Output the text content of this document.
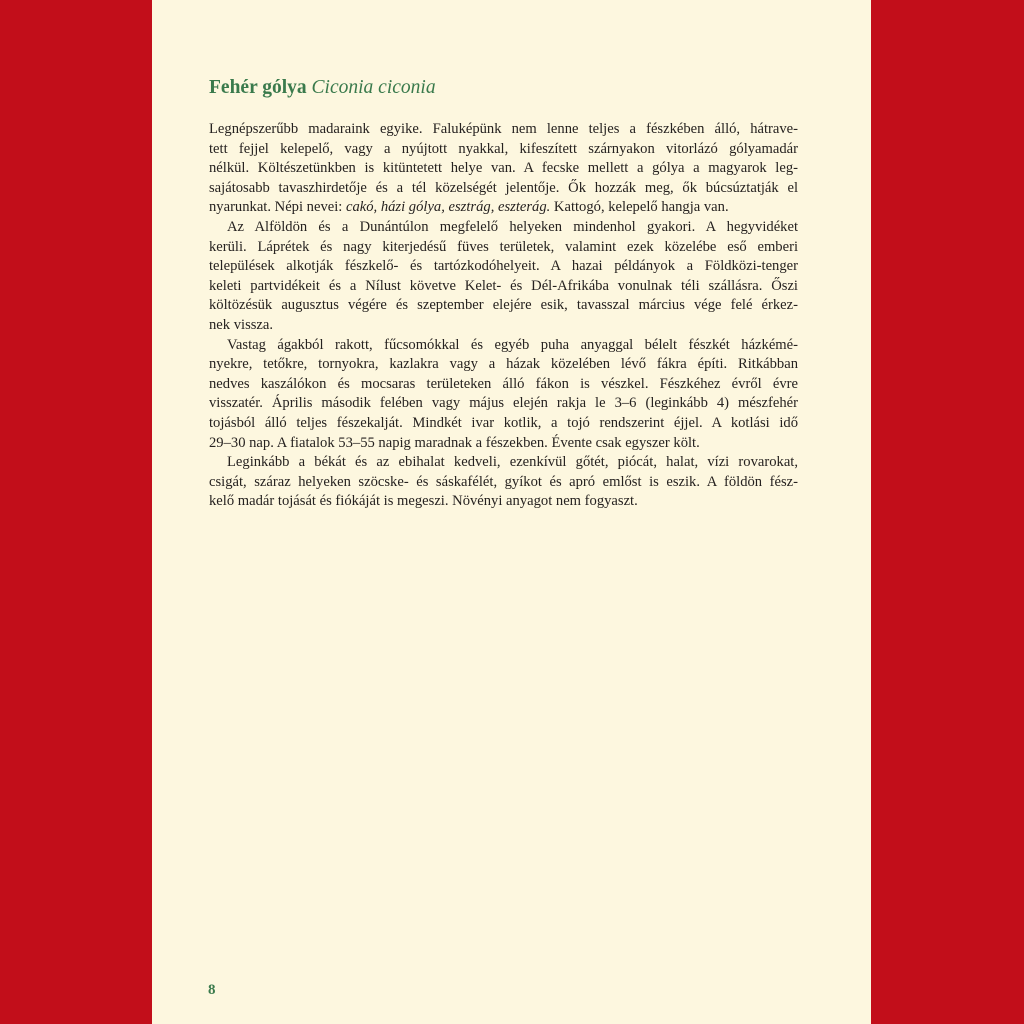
Fehér gólya Ciconia ciconia
Legnépszerűbb madaraink egyike. Faluképünk nem lenne teljes a fészkében álló, hátrave-
tett fejjel kelepelő, vagy a nyújtott nyakkal, kifeszített szárnyakon vitorlázó gólyamadár
nélkül. Költészetünkben is kitüntetett helye van. A fecske mellett a gólya a magyarok leg-
sajátosabb tavaszhirdetője és a tél közelségét jelentője. Ők hozzák meg, ők búcsúztatják el
nyarunkat. Népi nevei: cakó, házi gólya, esztrág, eszterág. Kattogó, kelepelő hangja van.
Az Alföldön és a Dunántúlon megfelelő helyeken mindenhol gyakori. A hegyvidéket
kerüli. Láprétek és nagy kiterjedésű füves területek, valamint ezek közelébe eső emberi
települések alkotják fészkelő- és tartózkodóhelyeit. A hazai példányok a Földközi-tenger
keleti partvidékeit és a Nílust követve Kelet- és Dél-Afrikába vonulnak téli szállásra. Őszi
költözésük augusztus végére és szeptember elejére esik, tavasszal március vége felé érkez-
nek vissza.
Vastag ágakból rakott, fűcsomókkal és egyéb puha anyaggal bélelt fészkét házkémé-
nyekre, tetőkre, tornyokra, kazlakra vagy a házak közelében lévő fákra építi. Ritkábban
nedves kaszálókon és mocsaras területeken álló fákon is vészkel. Fészkéhez évről évre
visszatér. Április második felében vagy május elején rakja le 3–6 (leginkább 4) mészfehér
tojásból álló teljes fészekalját. Mindkét ivar kotlik, a tojó rendszerint éjjel. A kotlási idő
29–30 nap. A fiatalok 53–55 napig maradnak a fészekben. Évente csak egyszer költ.
Leginkább a békát és az ebihalat kedveli, ezenkívül gőtét, piócát, halat, vízi rovarokat,
csigát, száraz helyeken szöcske- és sáskafélét, gyíkot és apró emlőst is eszik. A földön fész-
kelő madár tojását és fiókáját is megeszi. Növényi anyagot nem fogyaszt.
8
